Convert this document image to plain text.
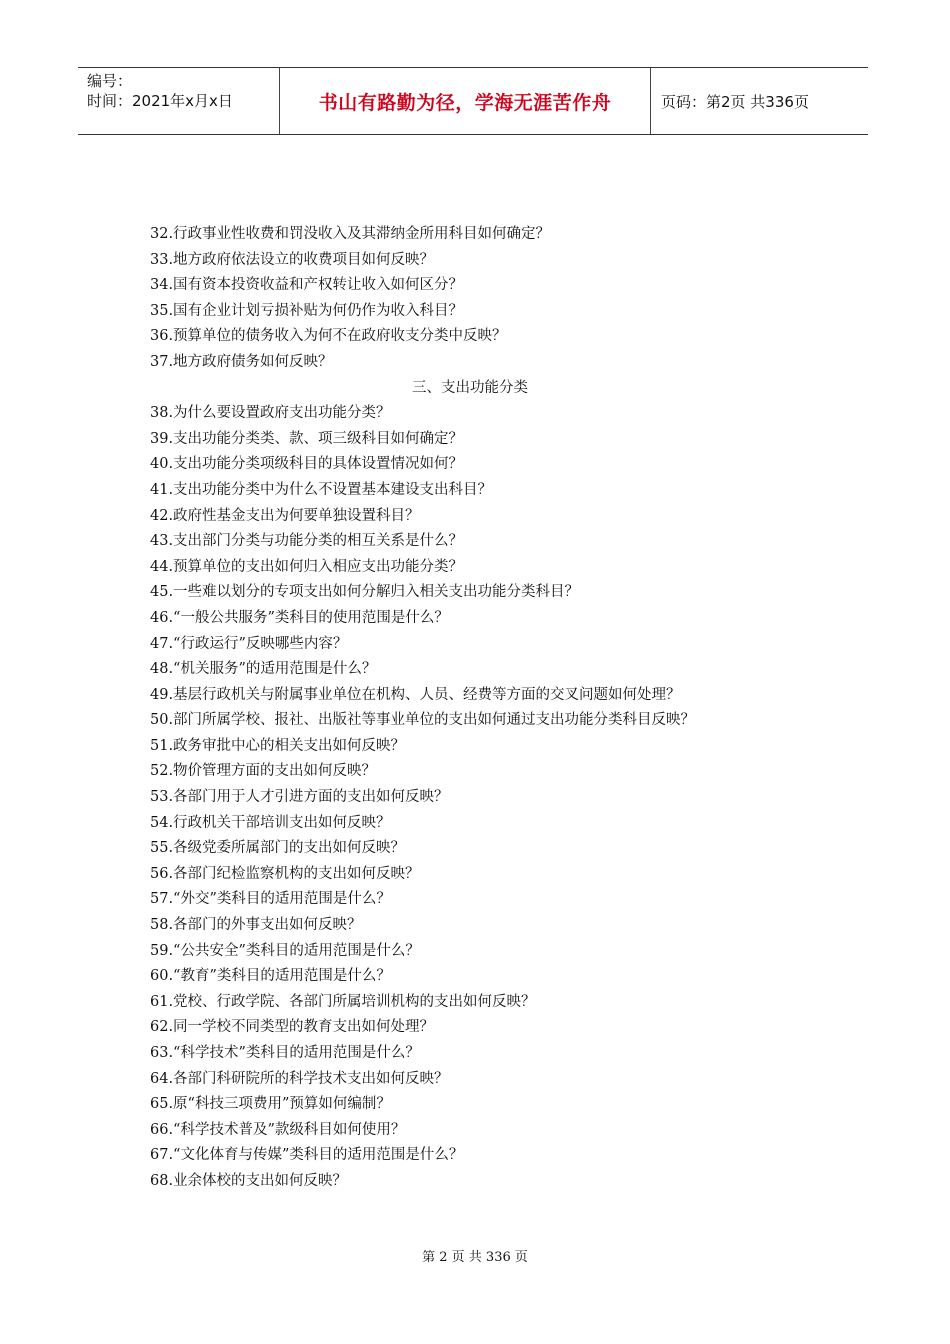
编号：
时间：2021年x月x日	书山有路勤为径，学海无涯苦作舟	页码：第2页 共336页
32.行政事业性收费和罚没收入及其滞纳金所用科目如何确定？
33.地方政府依法设立的收费项目如何反映？
34.国有资本投资收益和产权转让收入如何区分？
35.国有企业计划亏损补贴为何仍作为收入科目？
36.预算单位的债务收入为何不在政府收支分类中反映？
37.地方政府债务如何反映？
三、支出功能分类
38.为什么要设置政府支出功能分类？
39.支出功能分类类、款、项三级科目如何确定？
40.支出功能分类项级科目的具体设置情况如何？
41.支出功能分类中为什么不设置基本建设支出科目？
42.政府性基金支出为何要单独设置科目？
43.支出部门分类与功能分类的相互关系是什么？
44.预算单位的支出如何归入相应支出功能分类？
45.一些难以划分的专项支出如何分解归入相关支出功能分类科目？
46.“一般公共服务”类科目的使用范围是什么？
47.“行政运行”反映哪些内容？
48.“机关服务”的适用范围是什么？
49.基层行政机关与附属事业单位在机构、人员、经费等方面的交叉问题如何处理？
50.部门所属学校、报社、出版社等事业单位的支出如何通过支出功能分类科目反映？
51.政务审批中心的相关支出如何反映？
52.物价管理方面的支出如何反映？
53.各部门用于人才引进方面的支出如何反映？
54.行政机关干部培训支出如何反映？
55.各级党委所属部门的支出如何反映？
56.各部门纪检监察机构的支出如何反映？
57.“外交”类科目的适用范围是什么？
58.各部门的外事支出如何反映？
59.“公共安全”类科目的适用范围是什么？
60.“教育”类科目的适用范围是什么？
61.党校、行政学院、各部门所属培训机构的支出如何反映？
62.同一学校不同类型的教育支出如何处理？
63.“科学技术”类科目的适用范围是什么？
64.各部门科研院所的科学技术支出如何反映？
65.原“科技三项费用”预算如何编制？
66.“科学技术普及”款级科目如何使用？
67.“文化体育与传媒”类科目的适用范围是什么？
68.业余体校的支出如何反映？
第 2 页 共 336 页
